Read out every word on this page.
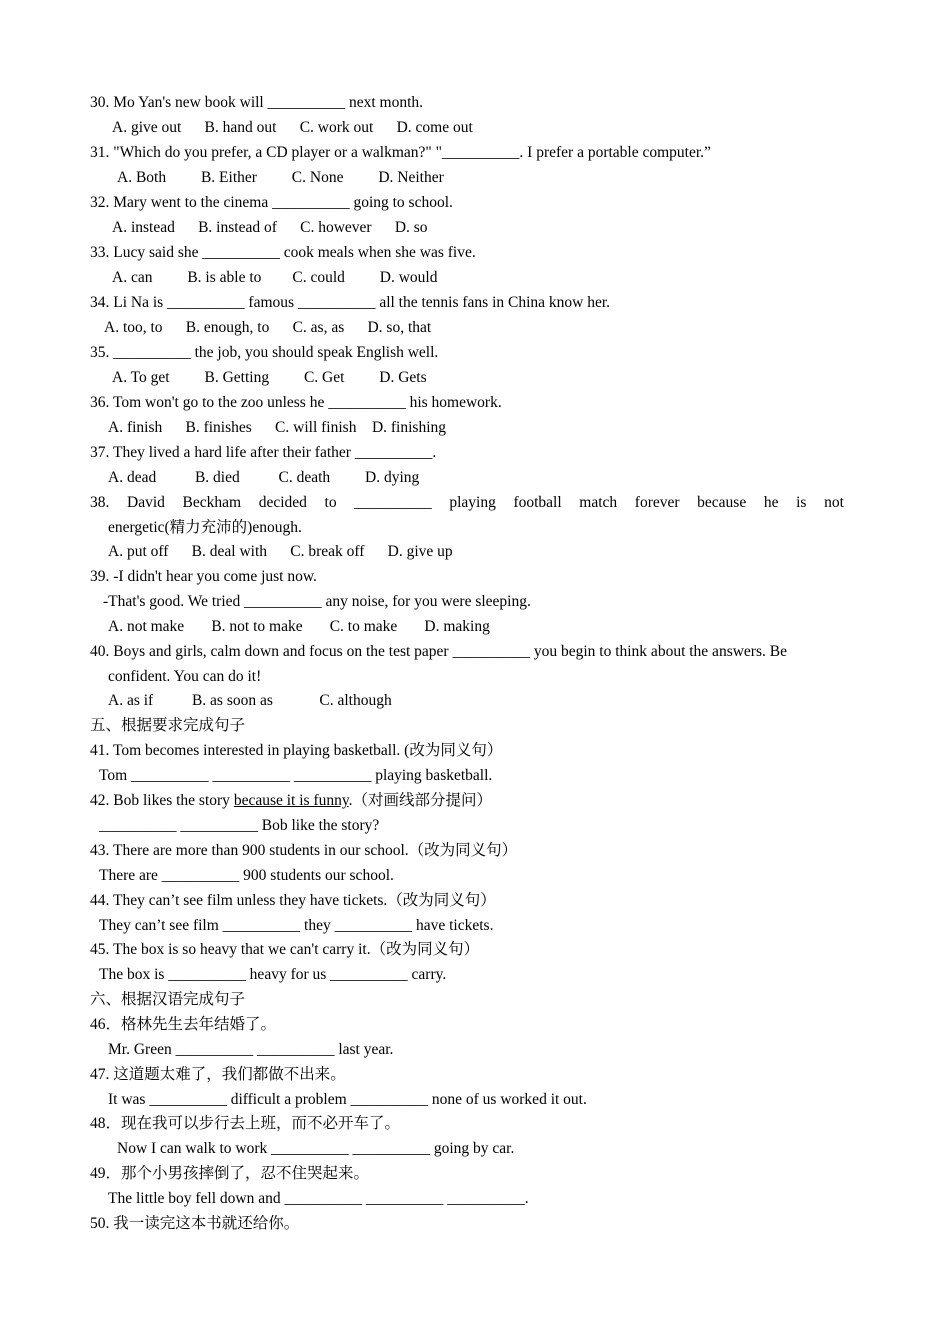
30. Mo Yan's new book will __________ next month.
A. give out      B. hand out      C. work out      D. come out
31. "Which do you prefer, a CD player or a walkman?" "__________. I prefer a portable computer.”
A. Both         B. Either         C. None         D. Neither
32. Mary went to the cinema __________ going to school.
A. instead      B. instead of      C. however      D. so
33. Lucy said she __________ cook meals when she was five.
A. can         B. is able to        C. could         D. would
34. Li Na is __________ famous __________ all the tennis fans in China know her.
A. too, to      B. enough, to      C. as, as      D. so, that
35. __________ the job, you should speak English well.
A. To get         B. Getting         C. Get         D. Gets
36. Tom won't go to the zoo unless he __________ his homework.
A. finish      B. finishes      C. will finish    D. finishing
37. They lived a hard life after their father __________.
A. dead          B. died          C. death         D. dying
38. David Beckham decided to __________ playing football match forever because he is not
energetic(精力充沛的)enough.
A. put off      B. deal with      C. break off      D. give up
39. -I didn't hear you come just now.
-That's good. We tried __________ any noise, for you were sleeping.
A. not make       B. not to make       C. to make       D. making
40. Boys and girls, calm down and focus on the test paper __________ you begin to think about the answers. Be
confident. You can do it!
A. as if          B. as soon as            C. although
五、根据要求完成句子
41. Tom becomes interested in playing basketball. (改为同义句）
Tom __________ __________ __________ playing basketball.
42. Bob likes the story because it is funny.（对画线部分提问）
__________ __________ Bob like the story?
43. There are more than 900 students in our school.（改为同义句）
There are __________ 900 students our school.
44. They can’t see film unless they have tickets.（改为同义句）
They can’t see film __________ they __________ have tickets.
45. The box is so heavy that we can't carry it.（改为同义句）
The box is __________ heavy for us __________ carry.
六、根据汉语完成句子
46．格林先生去年结婚了。
Mr. Green __________ __________ last year.
47. 这道题太难了，我们都做不出来。
It was __________ difficult a problem __________ none of us worked it out.
48．现在我可以步行去上班，而不必开车了。
Now I can walk to work __________ __________ going by car.
49．那个小男孩摔倒了，忍不住哭起来。
The little boy fell down and __________ __________ __________.
50. 我一读完这本书就还给你。
